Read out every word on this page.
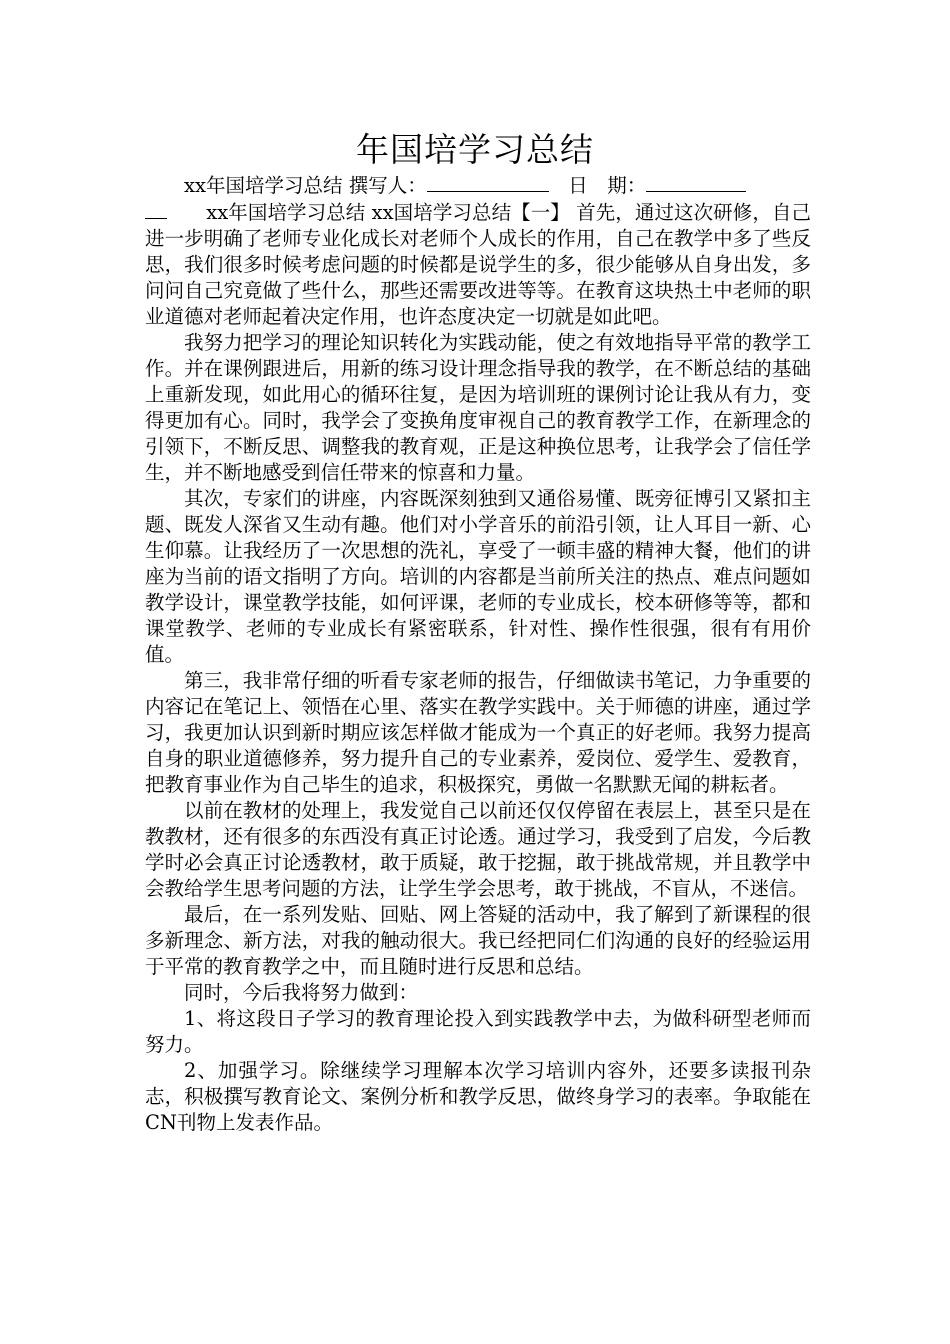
年国培学习总结
xx年国培学习总结 撰写人：　	日　期：

　　xx年国培学习总结 xx国培学习总结【一】 首先，通过这次研修，自己进一步明确了老师专业化成长对老师个人成长的作用，自己在教学中多了些反思，我们很多时候考虑问题的时候都是说学生的多，很少能够从自身出发，多问问自己究竟做了些什么，那些还需要改进等等。在教育这块热土中老师的职业道德对老师起着决定作用，也许态度决定一切就是如此吧。

我努力把学习的理论知识转化为实践动能，使之有效地指导平常的教学工作。并在课例跟进后，用新的练习设计理念指导我的教学，在不断总结的基础上重新发现，如此用心的循环往复，是因为培训班的课例讨论让我从有力，变得更加有心。同时，我学会了变换角度审视自己的教育教学工作，在新理念的引领下，不断反思、调整我的教育观，正是这种换位思考，让我学会了信任学生，并不断地感受到信任带来的惊喜和力量。

其次，专家们的讲座，内容既深刻独到又通俗易懂、既旁征博引又紧扣主题、既发人深省又生动有趣。他们对小学音乐的前沿引领，让人耳目一新、心生仰慕。让我经历了一次思想的洗礼，享受了一顿丰盛的精神大餐，他们的讲座为当前的语文指明了方向。培训的内容都是当前所关注的热点、难点问题如教学设计，课堂教学技能，如何评课，老师的专业成长，校本研修等等，都和课堂教学、老师的专业成长有紧密联系，针对性、操作性很强，很有有用价值。

第三，我非常仔细的听看专家老师的报告，仔细做读书笔记，力争重要的内容记在笔记上、领悟在心里、落实在教学实践中。关于师德的讲座，通过学习，我更加认识到新时期应该怎样做才能成为一个真正的好老师。我努力提高自身的职业道德修养，努力提升自己的专业素养，爱岗位、爱学生、爱教育，把教育事业作为自己毕生的追求，积极探究，勇做一名默默无闻的耕耘者。

以前在教材的处理上，我发觉自己以前还仅仅停留在表层上，甚至只是在教教材，还有很多的东西没有真正讨论透。通过学习，我受到了启发，今后教学时必会真正讨论透教材，敢于质疑，敢于挖掘，敢于挑战常规，并且教学中会教给学生思考问题的方法，让学生学会思考，敢于挑战，不盲从，不迷信。

最后，在一系列发贴、回贴、网上答疑的活动中，我了解到了新课程的很多新理念、新方法，对我的触动很大。我已经把同仁们沟通的良好的经验运用于平常的教育教学之中，而且随时进行反思和总结。

同时，今后我将努力做到：

1、将这段日子学习的教育理论投入到实践教学中去，为做科研型老师而努力。

2、加强学习。除继续学习理解本次学习培训内容外，还要多读报刊杂志，积极撰写教育论文、案例分析和教学反思，做终身学习的表率。争取能在CN刊物上发表作品。
